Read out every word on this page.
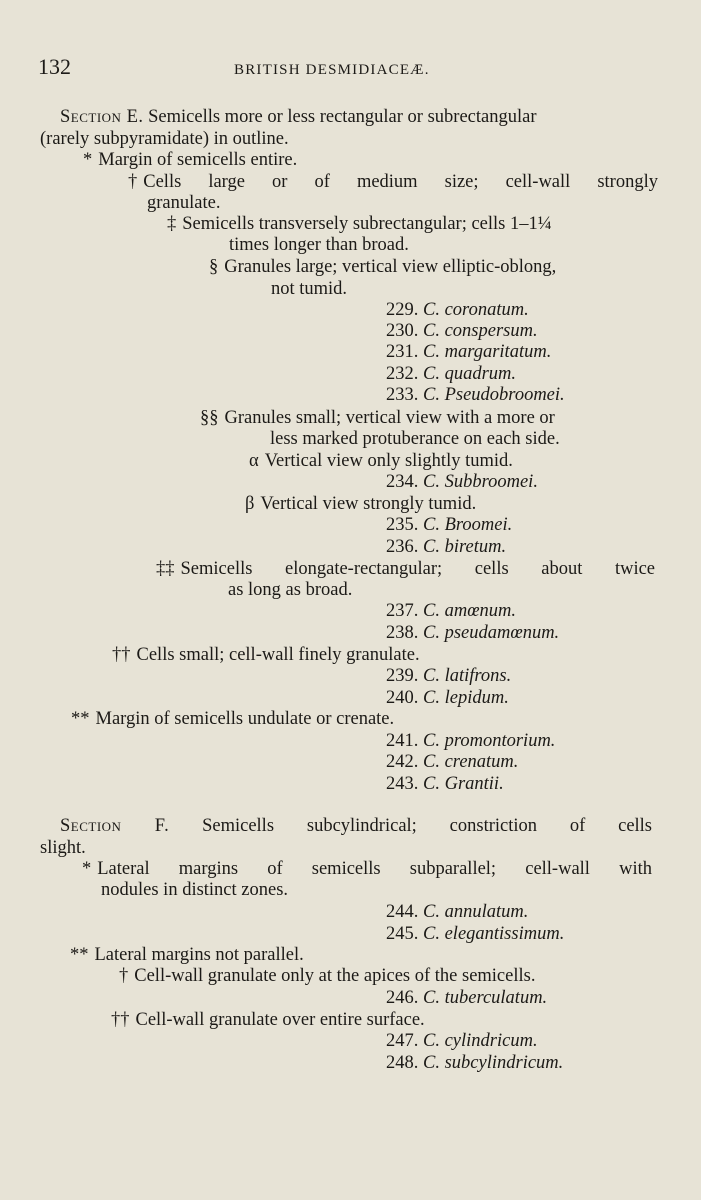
132	BRITISH DESMIDIACEÆ.
Section E. Semicells more or less rectangular or subrectangular
(rarely subpyramidate) in outline.
* Margin of semicells entire.
† Cells large or of medium size; cell-wall strongly
granulate.
‡ Semicells transversely subrectangular; cells 1–1¼
times longer than broad.
§ Granules large; vertical view elliptic-oblong,
not tumid.
229. C. coronatum.
230. C. conspersum.
231. C. margaritatum.
232. C. quadrum.
233. C. Pseudobroomei.
§§ Granules small; vertical view with a more or
less marked protuberance on each side.
α Vertical view only slightly tumid.
234. C. Subbroomei.
β Vertical view strongly tumid.
235. C. Broomei.
236. C. biretum.
‡‡ Semicells elongate-rectangular; cells about twice
as long as broad.
237. C. amœnum.
238. C. pseudamœnum.
†† Cells small; cell-wall finely granulate.
239. C. latifrons.
240. C. lepidum.
** Margin of semicells undulate or crenate.
241. C. promontorium.
242. C. crenatum.
243. C. Grantii.
Section F. Semicells subcylindrical; constriction of cells
slight.
* Lateral margins of semicells subparallel; cell-wall with
nodules in distinct zones.
244. C. annulatum.
245. C. elegantissimum.
** Lateral margins not parallel.
† Cell-wall granulate only at the apices of the semicells.
246. C. tuberculatum.
†† Cell-wall granulate over entire surface.
247. C. cylindricum.
248. C. subcylindricum.
